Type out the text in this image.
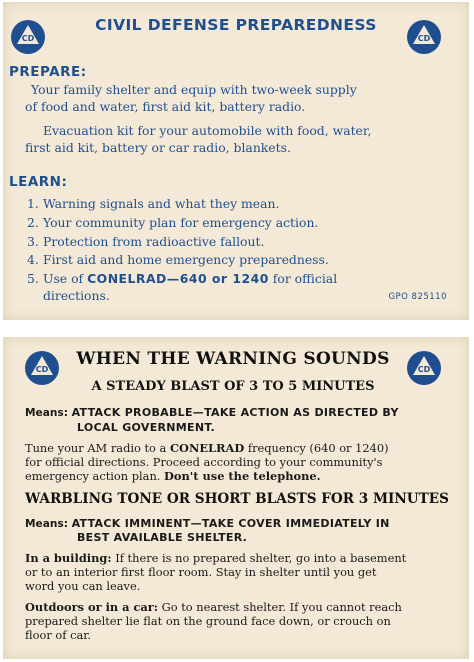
CD	CD
CIVIL DEFENSE PREPAREDNESS
PREPARE:
Your family shelter and equip with two-week supply
of food and water, first aid kit, battery radio.
Evacuation kit for your automobile with food, water,
first aid kit, battery or car radio, blankets.
LEARN:
1. Warning signals and what they mean.
2. Your community plan for emergency action.
3. Protection from radioactive fallout.
4. First aid and home emergency preparedness.
5. Use of CONELRAD—640 or 1240 for official
directions.	GPO 825110
CD	CD
WHEN THE WARNING SOUNDS
A STEADY BLAST OF 3 TO 5 MINUTES
Means: ATTACK PROBABLE—TAKE ACTION AS DIRECTED BY
LOCAL GOVERNMENT.
Tune your AM radio to a CONELRAD frequency (640 or 1240)
for official directions. Proceed according to your community's
emergency action plan. Don't use the telephone.
WARBLING TONE OR SHORT BLASTS FOR 3 MINUTES
Means: ATTACK IMMINENT—TAKE COVER IMMEDIATELY IN
BEST AVAILABLE SHELTER.
In a building: If there is no prepared shelter, go into a basement
or to an interior first floor room. Stay in shelter until you get
word you can leave.
Outdoors or in a car: Go to nearest shelter. If you cannot reach
prepared shelter lie flat on the ground face down, or crouch on
floor of car.
